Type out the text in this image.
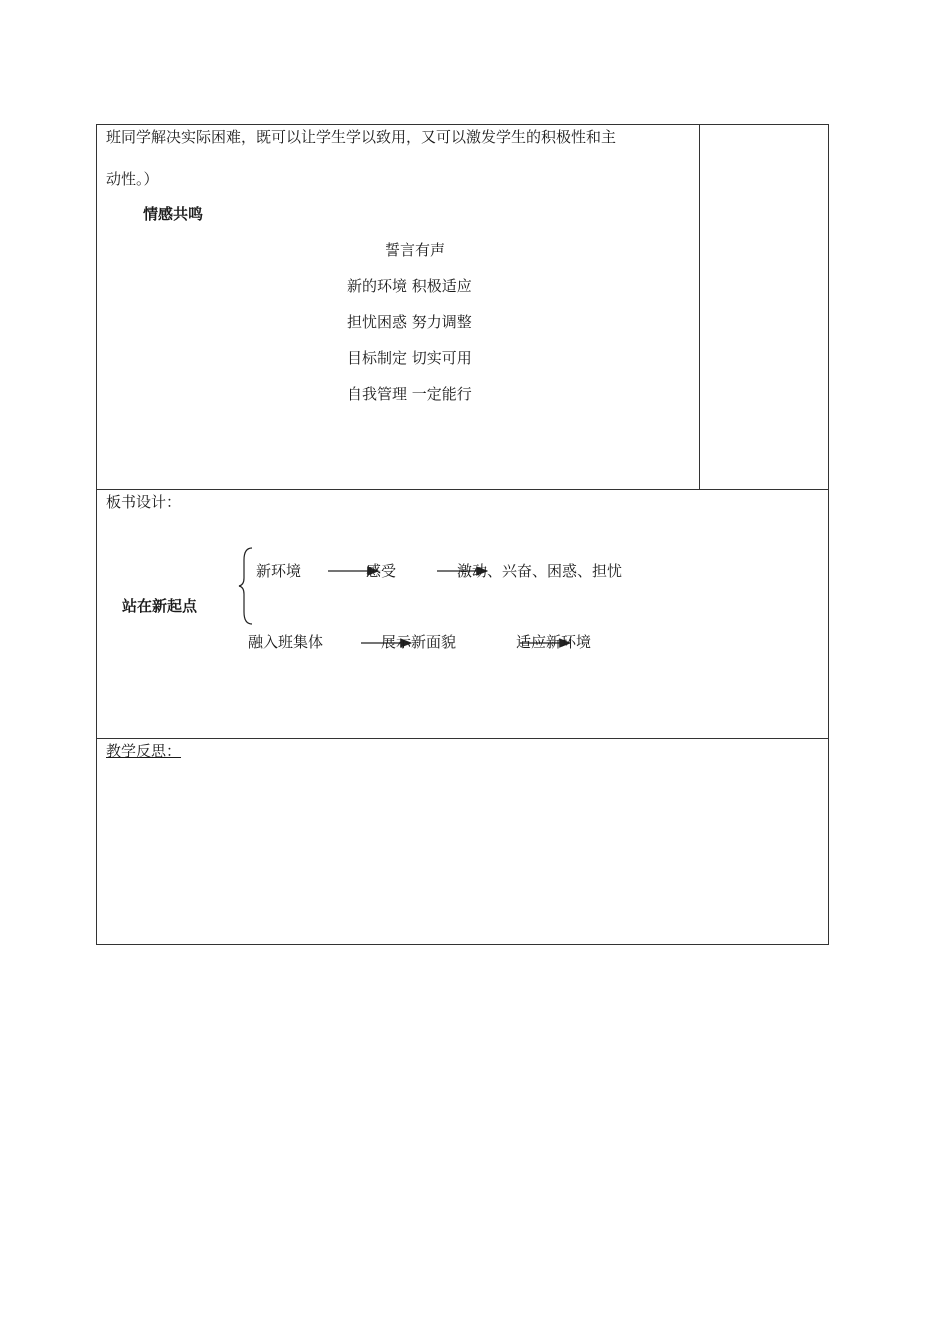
班同学解决实际困难，既可以让学生学以致用，又可以激发学生的积极性和主
动性。）
情感共鸣
誓言有声
新的环境 积极适应
担忧困惑 努力调整
目标制定 切实可用
自我管理 一定能行
板书设计：
站在新起点
新环境	感受	激动、兴奋、困惑、担忧
融入班集体	展示新面貌	适应新环境
教学反思：
